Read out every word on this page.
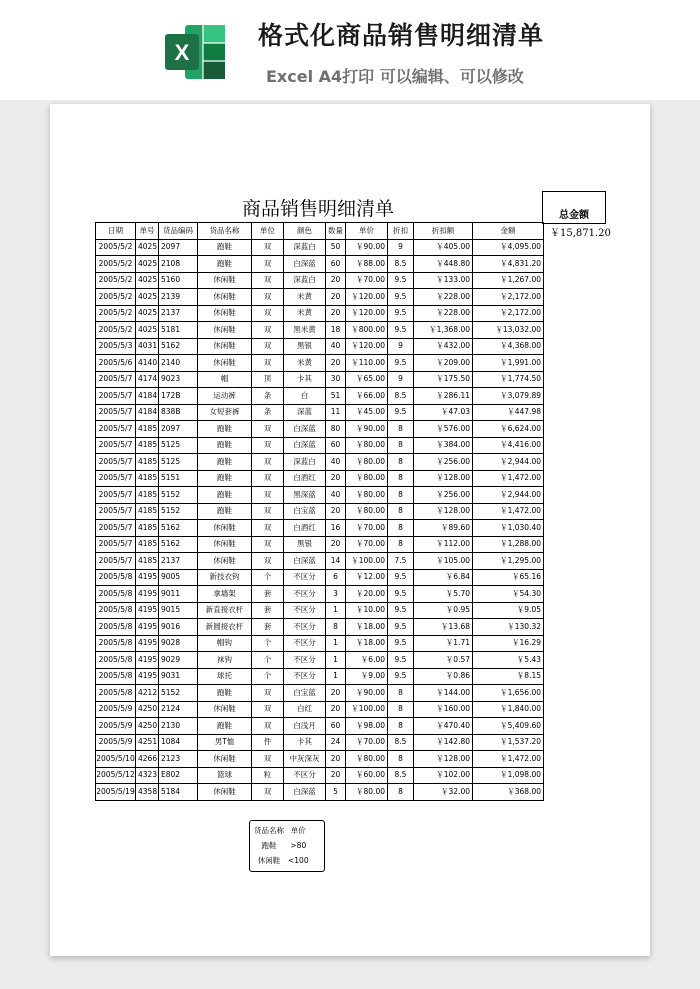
X
格式化商品销售明细清单
Excel A4打印 可以编辑、可以修改
商品销售明细清单	总金额
￥15,871.20
日期	单号	货品编码	货品名称	单位	颜色	数量	单价	折扣	折扣额	金额
2005/5/2	4025	2097	跑鞋	双	深蓝白	50	￥90.00	9	￥405.00	￥4,095.00
2005/5/2	4025	2108	跑鞋	双	白深蓝	60	￥88.00	8.5	￥448.80	￥4,831.20
2005/5/2	4025	5160	休闲鞋	双	深蓝白	20	￥70.00	9.5	￥133.00	￥1,267.00
2005/5/2	4025	2139	休闲鞋	双	米黄	20	￥120.00	9.5	￥228.00	￥2,172.00
2005/5/2	4025	2137	休闲鞋	双	米黄	20	￥120.00	9.5	￥228.00	￥2,172.00
2005/5/2	4025	5181	休闲鞋	双	黑米黄	18	￥800.00	9.5	￥1,368.00	￥13,032.00
2005/5/3	4031	5162	休闲鞋	双	黑银	40	￥120.00	9	￥432.00	￥4,368.00
2005/5/6	4140	2140	休闲鞋	双	米黄	20	￥110.00	9.5	￥209.00	￥1,991.00
2005/5/7	4174	9023	帽	顶	卡其	30	￥65.00	9	￥175.50	￥1,774.50
2005/5/7	4184	172B	运动裤	条	白	51	￥66.00	8.5	￥286.11	￥3,079.89
2005/5/7	4184	838B	女短套裤	条	深蓝	11	￥45.00	9.5	￥47.03	￥447.98
2005/5/7	4185	2097	跑鞋	双	白深蓝	80	￥90.00	8	￥576.00	￥6,624.00
2005/5/7	4185	5125	跑鞋	双	白深蓝	60	￥80.00	8	￥384.00	￥4,416.00
2005/5/7	4185	5125	跑鞋	双	深蓝白	40	￥80.00	8	￥256.00	￥2,944.00
2005/5/7	4185	5151	跑鞋	双	白酒红	20	￥80.00	8	￥128.00	￥1,472.00
2005/5/7	4185	5152	跑鞋	双	黑深蓝	40	￥80.00	8	￥256.00	￥2,944.00
2005/5/7	4185	5152	跑鞋	双	白宝蓝	20	￥80.00	8	￥128.00	￥1,472.00
2005/5/7	4185	5162	休闲鞋	双	白酒红	16	￥70.00	8	￥89.60	￥1,030.40
2005/5/7	4185	5162	休闲鞋	双	黑银	20	￥70.00	8	￥112.00	￥1,288.00
2005/5/7	4185	2137	休闲鞋	双	白深蓝	14	￥100.00	7.5	￥105.00	￥1,295.00
2005/5/8	4195	9005	新技衣钩	个	不区分	6	￥12.00	9.5	￥6.84	￥65.16
2005/5/8	4195	9011	拿墙架	套	不区分	3	￥20.00	9.5	￥5.70	￥54.30
2005/5/8	4195	9015	新直接衣杆	套	不区分	1	￥10.00	9.5	￥0.95	￥9.05
2005/5/8	4195	9016	新圆接衣杆	套	不区分	8	￥18.00	9.5	￥13.68	￥130.32
2005/5/8	4195	9028	帽钩	个	不区分	1	￥18.00	9.5	￥1.71	￥16.29
2005/5/8	4195	9029	袜钩	个	不区分	1	￥6.00	9.5	￥0.57	￥5.43
2005/5/8	4195	9031	球托	个	不区分	1	￥9.00	9.5	￥0.86	￥8.15
2005/5/8	4212	5152	跑鞋	双	白宝蓝	20	￥90.00	8	￥144.00	￥1,656.00
2005/5/9	4250	2124	休闲鞋	双	白红	20	￥100.00	8	￥160.00	￥1,840.00
2005/5/9	4250	2130	跑鞋	双	白浅月	60	￥98.00	8	￥470.40	￥5,409.60
2005/5/9	4251	1084	男T恤	件	卡其	24	￥70.00	8.5	￥142.80	￥1,537.20
2005/5/10	4266	2123	休闲鞋	双	中灰深灰	20	￥80.00	8	￥128.00	￥1,472.00
2005/5/12	4323	E802	篮球	粒	不区分	20	￥60.00	8.5	￥102.00	￥1,098.00
2005/5/19	4358	5184	休闲鞋	双	白深蓝	5	￥80.00	8	￥32.00	￥368.00
货品名称	单价
跑鞋	>80
休闲鞋	<100
